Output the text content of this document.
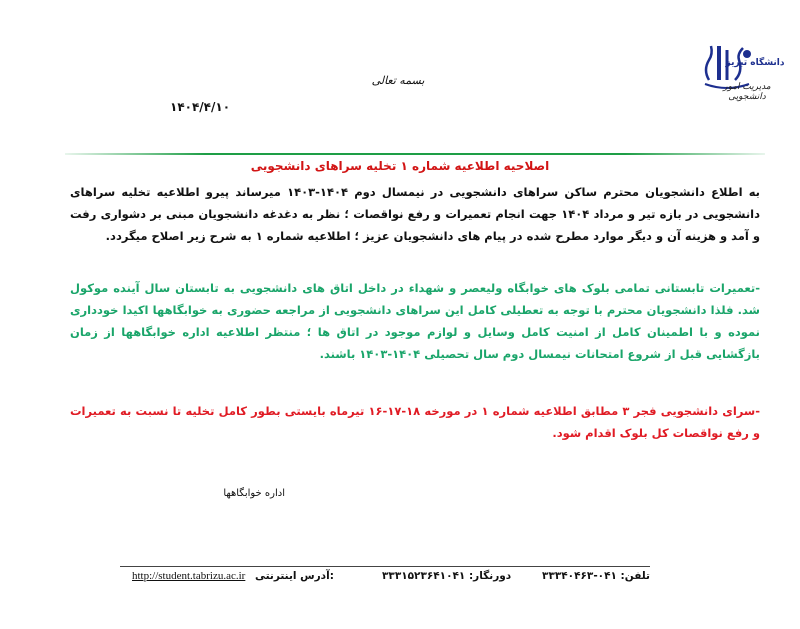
دانشگاه تبریز
مدیریت امور دانشجویی
بسمه تعالی
۱۴۰۴/۴/۱۰
اصلاحیه اطلاعیه شماره ۱ تخلیه سراهای دانشجویی
به اطلاع دانشجویان محترم ساکن سراهای دانشجویی در نیمسال دوم ۱۴۰۴-۱۴۰۳ میرساند پیرو اطلاعیه تخلیه سراهای دانشجویی در بازه تیر و مرداد ۱۴۰۴ جهت انجام تعمیرات و رفع نواقصات ؛ نظر به دغدغه دانشجویان مبنی بر دشواری رفت و آمد و هزینه آن و دیگر موارد مطرح شده در پیام های دانشجویان عزیز ؛ اطلاعیه شماره ۱ به شرح زیر اصلاح میگردد.
-تعمیرات تابستانی تمامی بلوک های خوابگاه ولیعصر و شهداء در داخل اتاق های دانشجویی به تابستان سال آینده موکول شد. فلذا دانشجویان محترم با توجه به تعطیلی کامل این سراهای دانشجویی از مراجعه حضوری به خوابگاهها اکیدا خودداری نموده و با اطمینان کامل از امنیت کامل وسایل و لوازم موجود در اتاق ها ؛ منتظر اطلاعیه اداره خوابگاهها از زمان بازگشایی قبل از شروع امتحانات نیمسال دوم سال تحصیلی ۱۴۰۴-۱۴۰۳ باشند.
-سرای دانشجویی فجر ۳ مطابق اطلاعیه شماره ۱ در مورخه ۱۸-۱۷-۱۶ تیرماه بایستی بطور کامل تخلیه تا نسبت به تعمیرات و رفع نواقصات کل بلوک اقدام شود.
اداره خوابگاهها
تلفن: ۰۴۱-۳۳۳۴۰۴۶۳
دورنگار: ۳۳۳۱۵۲۳۶۴۱۰۴۱
http://student.tabrizu.ac.ir آدرس اینترنتی:
